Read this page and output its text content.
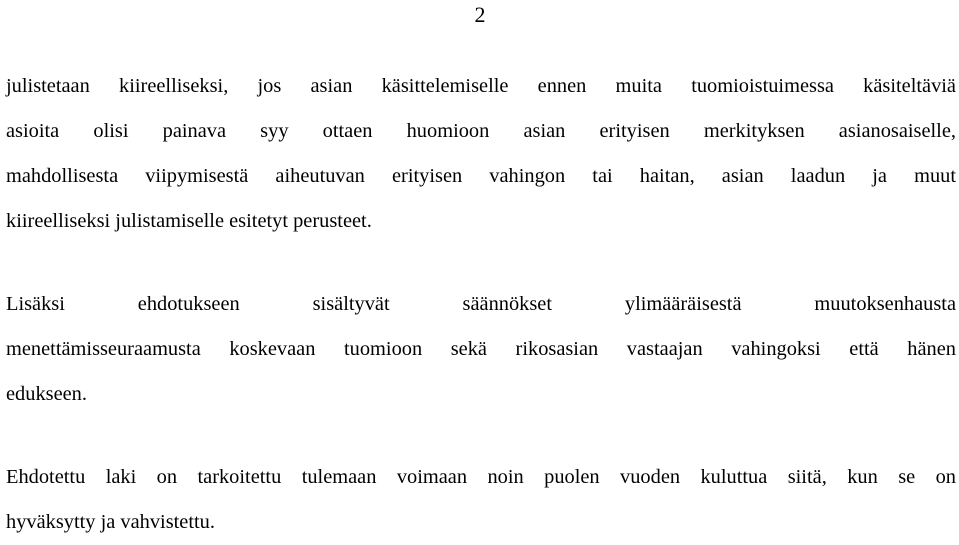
2
julistetaan kiireelliseksi, jos asian käsittelemiselle ennen muita tuomioistuimessa käsiteltäviä
asioita olisi painava syy ottaen huomioon asian erityisen merkityksen asianosaiselle,
mahdollisesta viipymisestä aiheutuvan erityisen vahingon tai haitan, asian laadun ja muut
kiireelliseksi julistamiselle esitetyt perusteet.
Lisäksi ehdotukseen sisältyvät säännökset ylimääräisestä muutoksenhausta
menettämisseuraamusta koskevaan tuomioon sekä rikosasian vastaajan vahingoksi että hänen
edukseen.
Ehdotettu laki on tarkoitettu tulemaan voimaan noin puolen vuoden kuluttua siitä, kun se on
hyväksytty ja vahvistettu.
